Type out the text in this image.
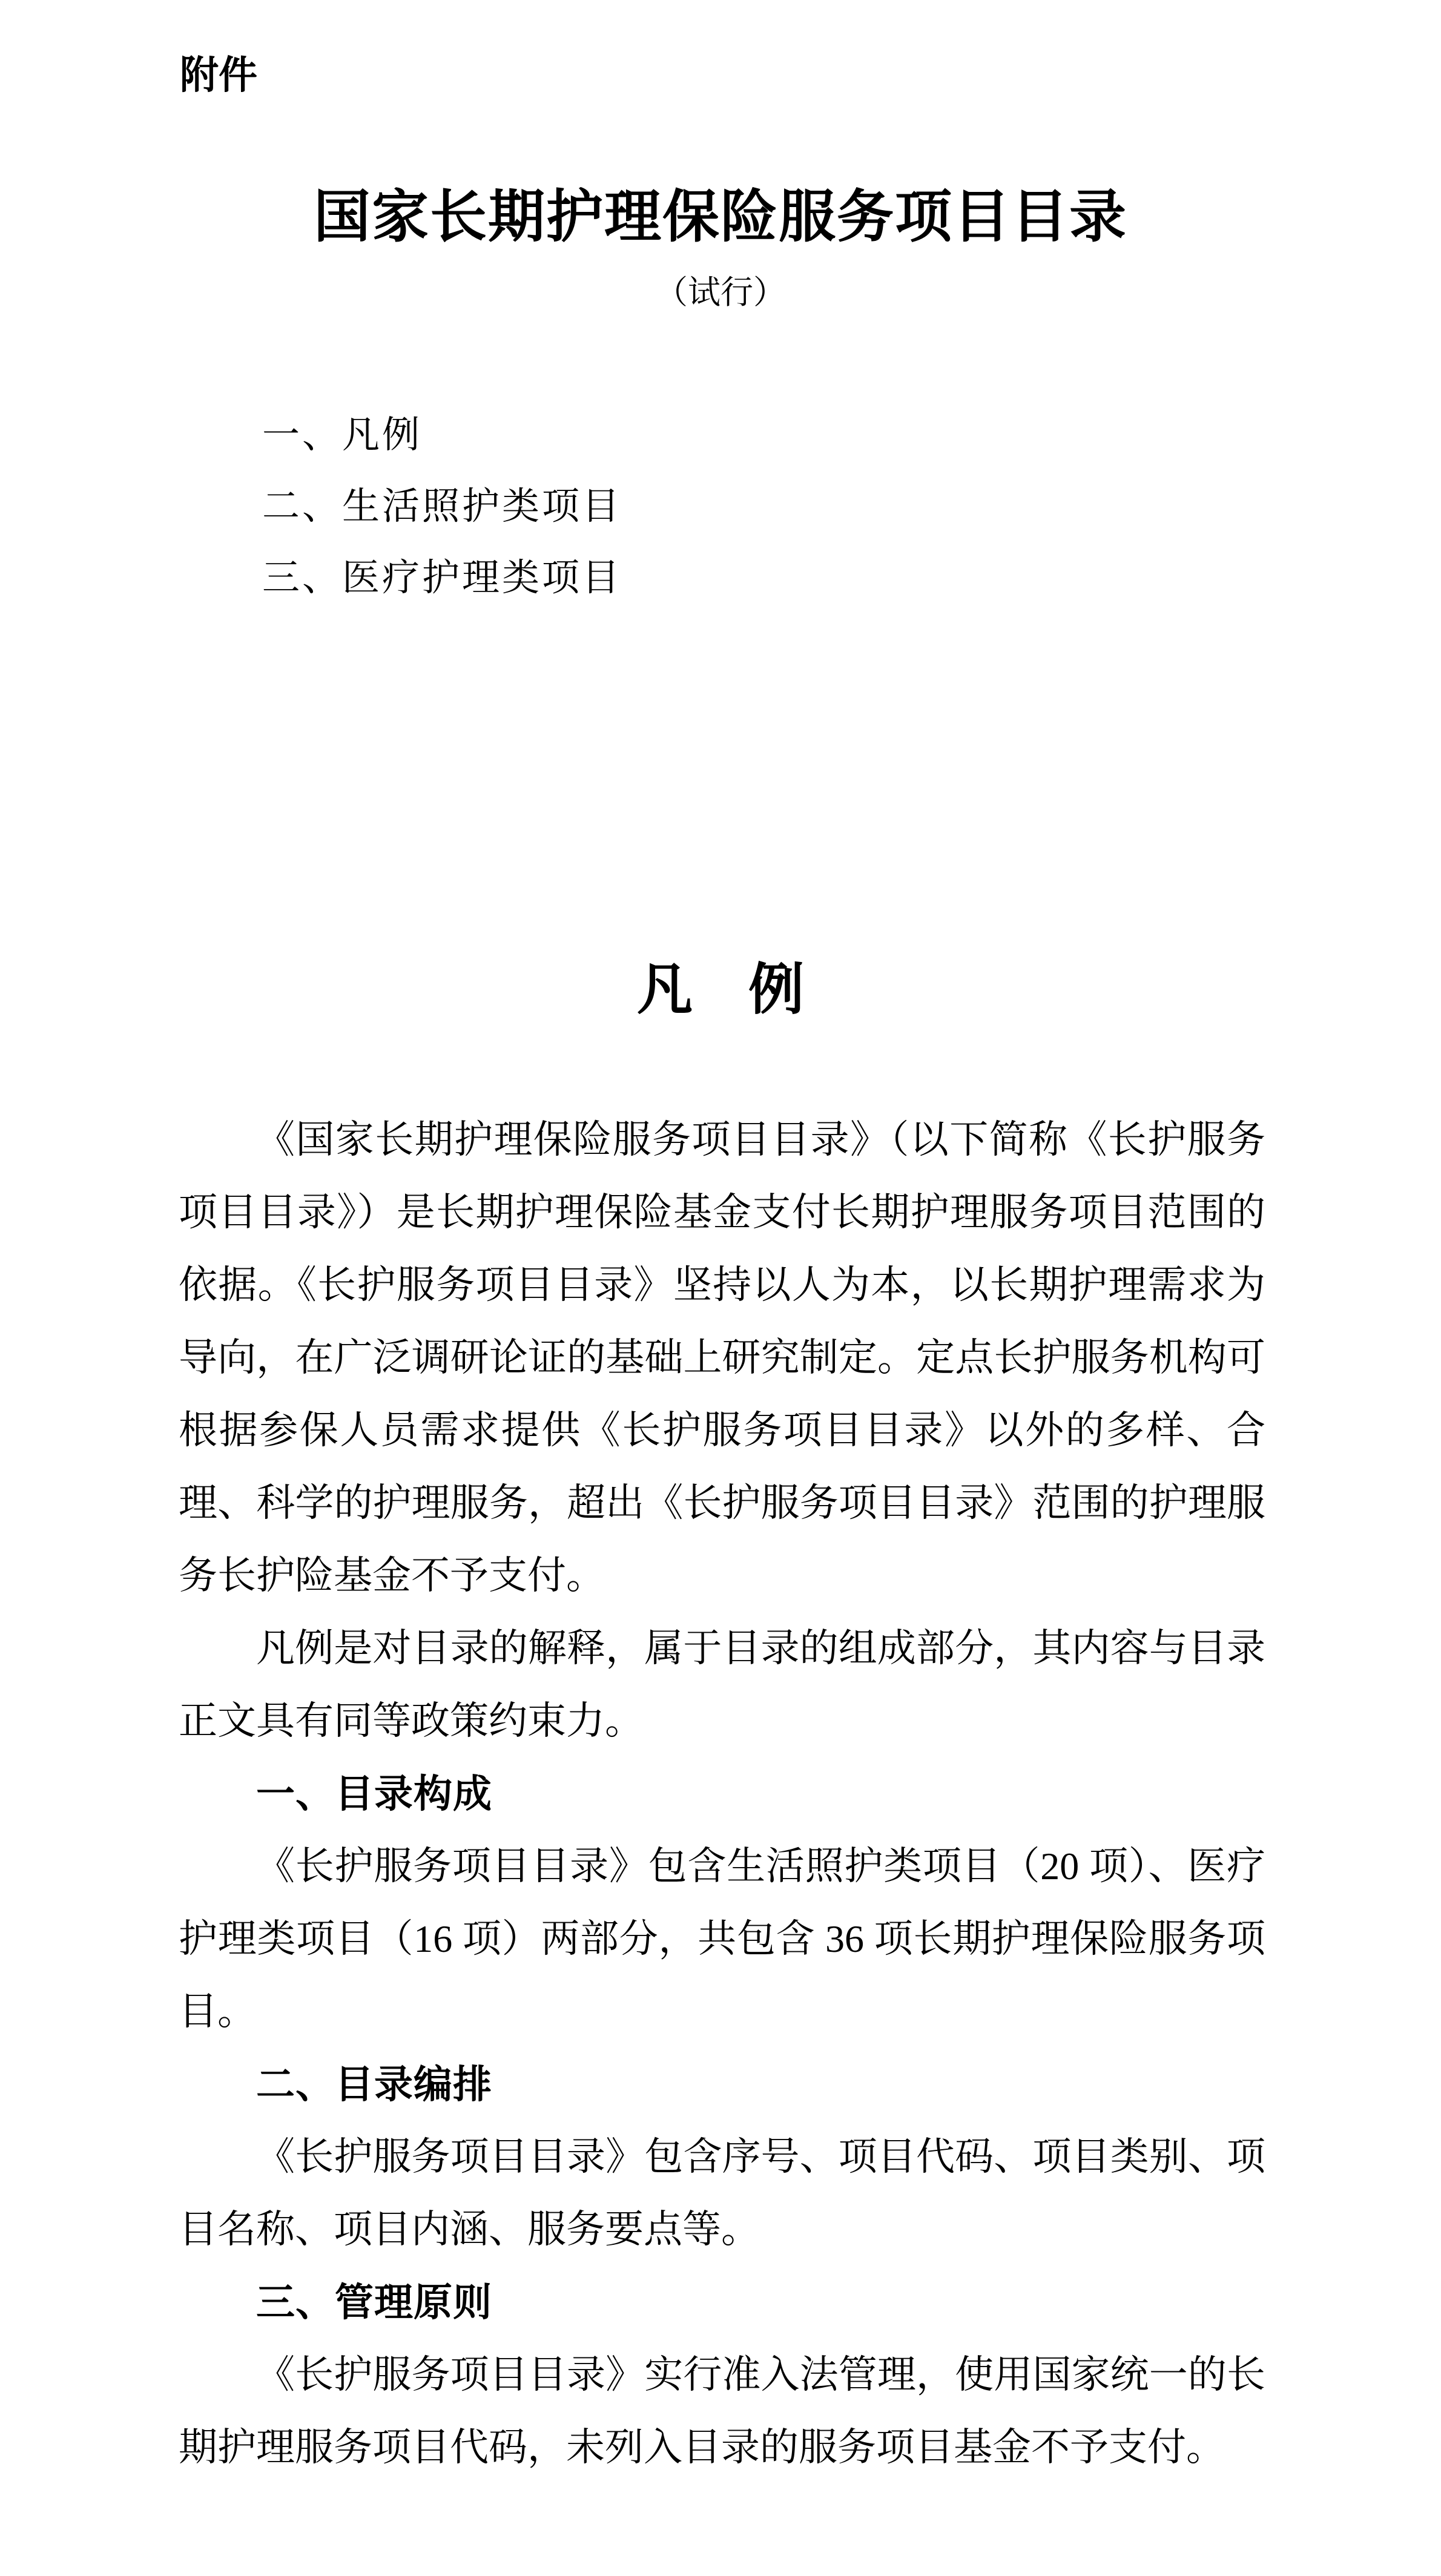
附件
国家长期护理保险服务项目目录
（试行）
一、凡例
二、生活照护类项目
三、医疗护理类项目
凡　例

《国家长期护理保险服务项目目录》（以下简称《长护服务项目目录》）是长期护理保险基金支付长期护理服务项目范围的依据。《长护服务项目目录》坚持以人为本，以长期护理需求为导向，在广泛调研论证的基础上研究制定。定点长护服务机构可根据参保人员需求提供《长护服务项目目录》以外的多样、合理、科学的护理服务，超出《长护服务项目目录》范围的护理服务长护险基金不予支付。

凡例是对目录的解释，属于目录的组成部分，其内容与目录正文具有同等政策约束力。

一、目录构成

《长护服务项目目录》包含生活照护类项目（20 项）、医疗护理类项目（16 项）两部分，共包含 36 项长期护理保险服务项目。

二、目录编排

《长护服务项目目录》包含序号、项目代码、项目类别、项目名称、项目内涵、服务要点等。

三、管理原则

《长护服务项目目录》实行准入法管理，使用国家统一的长期护理服务项目代码，未列入目录的服务项目基金不予支付。
